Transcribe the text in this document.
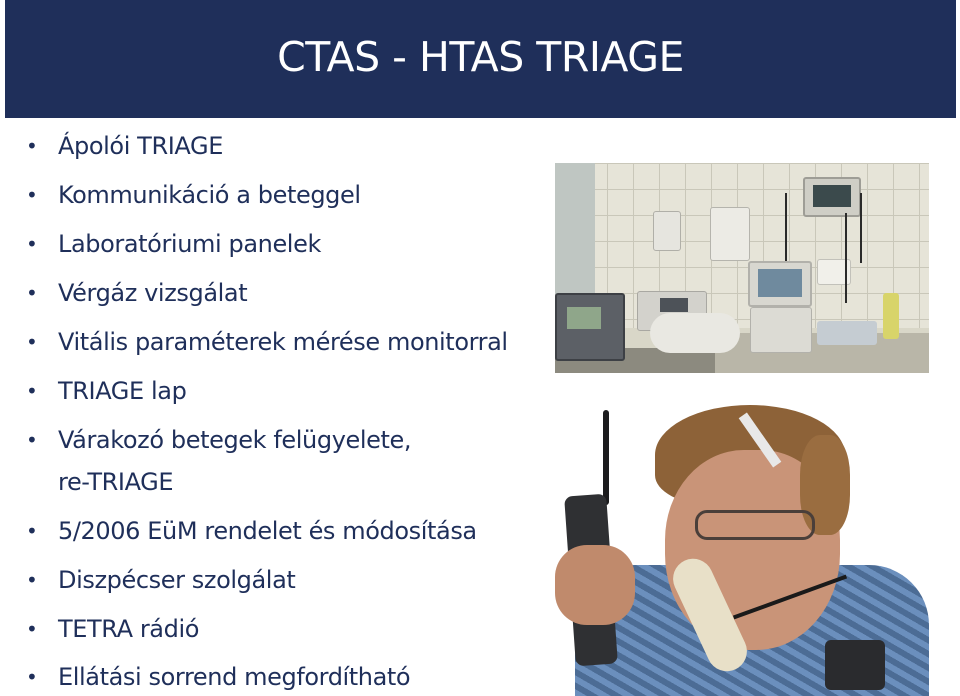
CTAS - HTAS TRIAGE
• Ápolói TRIAGE
• Kommunikáció a beteggel
• Laboratóriumi panelek
• Vérgáz vizsgálat
• Vitális paraméterek mérése monitorral
• TRIAGE lap
• Várakozó betegek felügyelete,
re-TRIAGE
• 5/2006 EüM rendelet és módosítása
• Diszpécser szolgálat
• TETRA rádió
• Ellátási sorrend megfordítható
